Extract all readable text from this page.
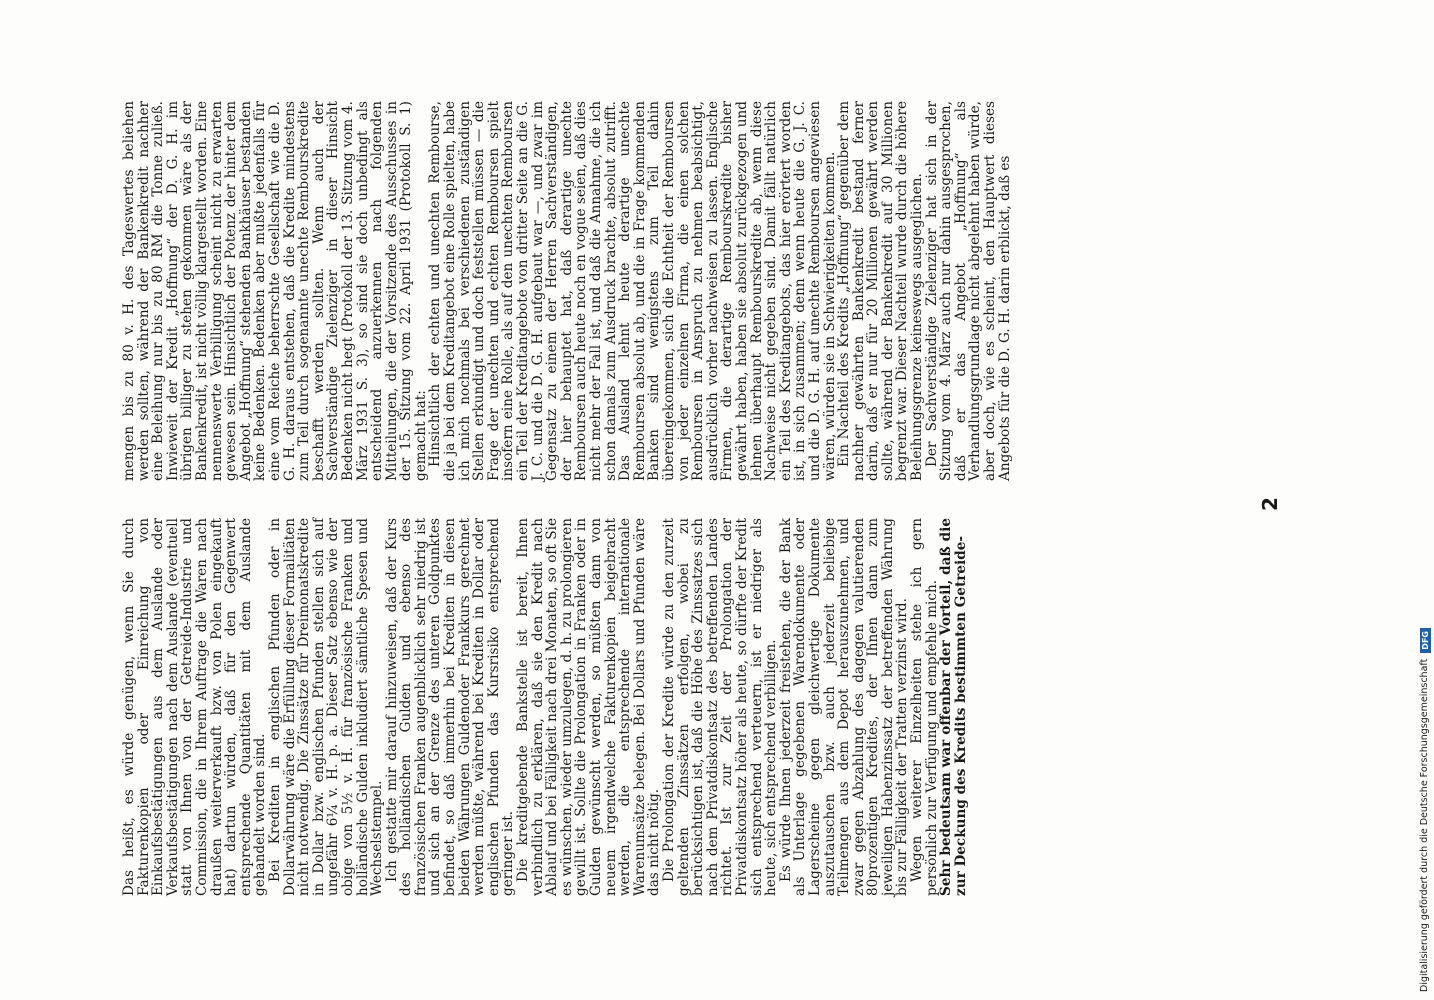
Das heißt, es würde genügen, wenn Sie durch Fakturenkopien oder Einreichung von Einkaufsbestätigungen aus dem Auslande oder Verkaufsbestätigungen nach dem Auslande (eventuell statt von Ihnen von der Getreide-Industrie und Commission, die in Ihrem Auftrage die Waren nach draußen weiterverkauft bzw. von Polen eingekauft hat) dartun würden, daß für den Gegenwert entsprechende Quantitäten mit dem Auslande gehandelt worden sind.

Bei Krediten in englischen Pfunden oder in Dollarwährung wäre die Erfüllung dieser Formalitäten nicht notwendig. Die Zinssätze für Dreimonatskredite in Dollar bzw. englischen Pfunden stellen sich auf ungefähr 6¼ v. H. p. a. Dieser Satz ebenso wie der obige von 5½ v. H. für französische Franken und holländische Gulden inkludiert sämtliche Spesen und Wechselstempel.

Ich gestatte mir darauf hinzuweisen, daß der Kurs des holländischen Gulden und ebenso des französischen Franken augenblicklich sehr niedrig ist und sich an der Grenze des unteren Goldpunktes befindet, so daß immerhin bei Krediten in diesen beiden Währungen Guldenoder Frankkurs gerechnet werden müßte, während bei Krediten in Dollar oder englischen Pfunden das Kursrisiko entsprechend geringer ist.

Die kreditgebende Bankstelle ist bereit, Ihnen verbindlich zu erklären, daß sie den Kredit nach Ablauf und bei Fälligkeit nach drei Monaten, so oft Sie es wünschen, wieder umzulegen, d. h. zu prolongieren gewillt ist. Sollte die Prolongation in Franken oder in Gulden gewünscht werden, so müßten dann von neuem irgendwelche Fakturenkopien beigebracht werden, die entsprechende internationale Warenumsätze belegen. Bei Dollars und Pfunden wäre das nicht nötig.

Die Prolongation der Kredite würde zu den zurzeit geltenden Zinssätzen erfolgen, wobei zu berücksichtigen ist, daß die Höhe des Zinssatzes sich nach dem Privatdiskontsatz des betreffenden Landes richtet. Ist zur Zeit der Prolongation der Privatdiskontsatz höher als heute, so dürfte der Kredit sich entsprechend verteuern, ist er niedriger als heute, sich entsprechend verbilligen.

Es würde Ihnen jederzeit freistehen, die der Bank als Unterlage gegebenen Warendokumente oder Lagerscheine gegen gleichwertige Dokumente auszutauschen bzw. auch jederzeit beliebige Teilmengen aus dem Depot herauszunehmen, und zwar gegen Abzahlung des dagegen valutierenden 80prozentigen Kredites, der Ihnen dann zum jeweiligen Habenzinssatz der betreffenden Währung bis zur Fälligkeit der Tratten verzinst wird.

Wegen weiterer Einzelheiten stehe ich gern persönlich zur Verfügung und empfehle mich.

Sehr bedeutsam war offenbar der Vorteil, daß die zur Deckung des Kredits bestimmten Getreide-

mengen bis zu 80 v. H. des Tageswertes beliehen werden sollten, während der Bankenkredit nachher eine Beleihung nur bis zu 80 RM die Tonne zuließ. Inwieweit der Kredit „Hoffnung“ der D. G. H. im übrigen billiger zu stehen gekommen wäre als der Bankenkredit, ist nicht völlig klargestellt worden. Eine nennenswerte Verbilligung scheint nicht zu erwarten gewesen sein. Hinsichtlich der Potenz der hinter dem Angebot „Hoffnung“ stehenden Bankhäuser bestanden keine Bedenken. Bedenken aber mußte jedenfalls für eine vom Reiche beherrschte Gesellschaft wie die D. G. H. daraus entstehen, daß die Kredite mindestens zum Teil durch sogenannte unechte Rembourskredite beschafft werden sollten. Wenn auch der Sachverständige Zielenziger in dieser Hinsicht Bedenken nicht hegt (Protokoll der 13. Sitzung vom 4. März 1931 S. 3), so sind sie doch unbedingt als entscheidend anzuerkennen nach folgenden Mitteilungen, die der Vorsitzende des Ausschusses in der 15. Sitzung vom 22. April 1931 (Protokoll S. 1) gemacht hat:

Hinsichtlich der echten und unechten Rembourse, die ja bei dem Kreditangebot eine Rolle spielten, habe ich mich nochmals bei verschiedenen zuständigen Stellen erkundigt und doch feststellen müssen — die Frage der unechten und echten Remboursen spielt insofern eine Rolle, als auf den unechten Remboursen ein Teil der Kreditangebote von dritter Seite an die G. J. C. und die D. G. H. aufgebaut war —, und zwar im Gegensatz zu einem der Herren Sachverständigen, der hier behauptet hat, daß derartige unechte Remboursen auch heute noch en vogue seien, daß dies nicht mehr der Fall ist, und daß die Annahme, die ich schon damals zum Ausdruck brachte, absolut zutrifft. Das Ausland lehnt heute derartige unechte Remboursen absolut ab, und die in Frage kommenden Banken sind wenigstens zum Teil dahin übereingekommen, sich die Echtheit der Remboursen von jeder einzelnen Firma, die einen solchen Remboursen in Anspruch zu nehmen beabsichtigt, ausdrücklich vorher nachweisen zu lassen. Englische Firmen, die derartige Rembourskredite bisher gewährt haben, haben sie absolut zurückgezogen und lehnen überhaupt Rembourskredite ab, wenn diese Nachweise nicht gegeben sind. Damit fällt natürlich ein Teil des Kreditangebots, das hier erörtert worden ist, in sich zusammen; denn wenn heute die G. J. C. und die D. G. H. auf unechte Remboursen angewiesen wären, würden sie in Schwierigkeiten kommen.

Ein Nachteil des Kredits „Hoffnung“ gegenüber dem nachher gewährten Bankenkredit bestand ferner darin, daß er nur für 20 Millionen gewährt werden sollte, während der Bankenkredit auf 30 Millionen begrenzt war. Dieser Nachteil wurde durch die höhere Beleihungsgrenze keineswegs ausgeglichen.

Der Sachverständige Zielenziger hat sich in der Sitzung vom 4. März auch nur dahin ausgesprochen, daß er das Angebot „Hoffnung“ als Verhandlungsgrundlage nicht abgelehnt haben würde, aber doch, wie es scheint, den Hauptwert dieses Angebots für die D. G. H. darin erblickt, daß es

2
Digitalisierung gefördert durch die Deutsche Forschungsgemeinschaft
DFG
